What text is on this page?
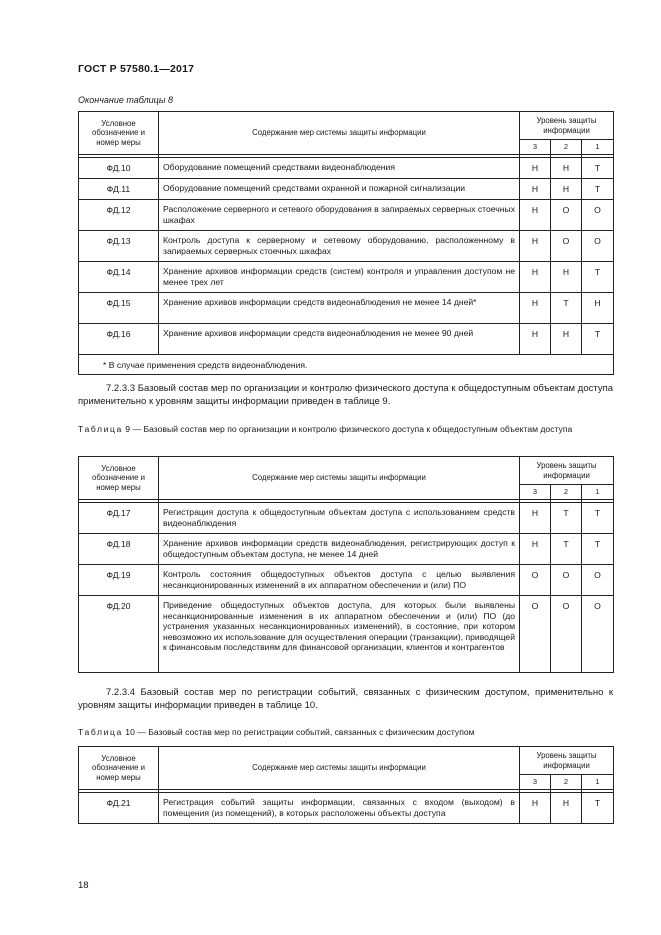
ГОСТ Р 57580.1—2017
Окончание таблицы 8
Условное обозначение и номер меры	Содержание мер системы защиты информации	Уровень защиты информации		
		3	2	1

ФД.10	Оборудование помещений средствами видеонаблюдения	Н	Н	Т
ФД.11	Оборудование помещений средствами охранной и пожарной сигнализации	Н	Н	Т
ФД.12	Расположение серверного и сетевого оборудования в запираемых серверных стоечных шкафах	Н	О	О
ФД.13	Контроль доступа к серверному и сетевому оборудованию, расположенному в запираемых серверных стоечных шкафах	Н	О	О
ФД.14	Хранение архивов информации средств (систем) контроля и управления доступом не менее трех лет	Н	Н	Т
ФД.15	Хранение архивов информации средств видеонаблюдения не менее 14 дней*	Н	Т	Н
ФД.16	Хранение архивов информации средств видеонаблюдения не менее 90 дней	Н	Н	Т
* В случае применения средств видеонаблюдения.				
7.2.3.3 Базовый состав мер по организации и контролю физического доступа к общедоступным объектам доступа применительно к уровням защиты информации приведен в таблице 9.
Таблица 9 — Базовый состав мер по организации и контролю физического доступа к общедоступным объектам доступа
Условное обозначение и номер меры	Содержание мер системы защиты информации	Уровень защиты информации		
		3	2	1

ФД.17	Регистрация доступа к общедоступным объектам доступа с использованием средств видеонаблюдения	Н	Т	Т
ФД.18	Хранение архивов информации средств видеонаблюдения, регистрирующих доступ к общедоступным объектам доступа, не менее 14 дней	Н	Т	Т
ФД.19	Контроль состояния общедоступных объектов доступа с целью выявления несанкционированных изменений в их аппаратном обеспечении и (или) ПО	О	О	О
ФД.20	Приведение общедоступных объектов доступа, для которых были выявлены несанкционированные изменения в их аппаратном обеспечении и (или) ПО (до устранения указанных несанкционированных изменений), в состояние, при котором невозможно их использование для осуществления операции (транзакции), приводящей к финансовым последствиям для финансовой организации, клиентов и контрагентов	О	О	О
7.2.3.4 Базовый состав мер по регистрации событий, связанных с физическим доступом, применительно к уровням защиты информации приведен в таблице 10.
Таблица 10 — Базовый состав мер по регистрации событий, связанных с физическим доступом
Условное обозначение и номер меры	Содержание мер системы защиты информации	Уровень защиты информации		
		3	2	1

ФД.21	Регистрация событий защиты информации, связанных с входом (выходом) в помещения (из помещений), в которых расположены объекты доступа	Н	Н	Т
18
